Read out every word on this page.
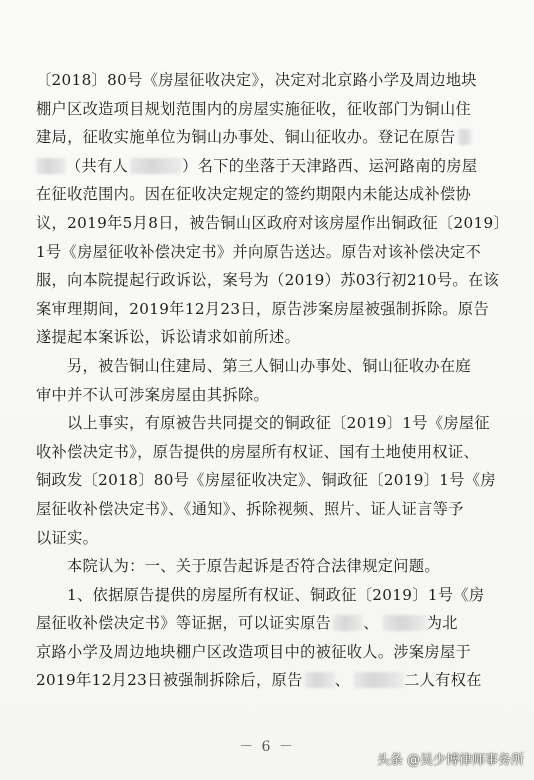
〔2018〕80号《房屋征收决定》，决定对北京路小学及周边地块
棚户区改造项目规划范围内的房屋实施征收，征收部门为铜山住
建局，征收实施单位为铜山办事处、铜山征收办。登记在原告
（共有人	）名下的坐落于天津路西、运河路南的房屋
在征收范围内。因在征收决定规定的签约期限内未能达成补偿协
议，2019年5月8日，被告铜山区政府对该房屋作出铜政征〔2019〕
1号《房屋征收补偿决定书》并向原告送达。原告对该补偿决定不
服，向本院提起行政诉讼，案号为（2019）苏03行初210号。在该
案审理期间，2019年12月23日，原告涉案房屋被强制拆除。原告
遂提起本案诉讼，诉讼请求如前所述。
另，被告铜山住建局、第三人铜山办事处、铜山征收办在庭
审中并不认可涉案房屋由其拆除。
以上事实，有原被告共同提交的铜政征〔2019〕1号《房屋征
收补偿决定书》，原告提供的房屋所有权证、国有土地使用权证、
铜政发〔2018〕80号《房屋征收决定》、铜政征〔2019〕1号《房
屋征收补偿决定书》、《通知》、拆除视频、照片、证人证言等予
以证实。
本院认为：一、关于原告起诉是否符合法律规定问题。
1、依据原告提供的房屋所有权证、铜政征〔2019〕1号《房
屋征收补偿决定书》等证据，可以证实原告 、	为北
京路小学及周边地块棚户区改造项目中的被征收人。涉案房屋于
2019年12月23日被强制拆除后，原告 、	二人有权在
－ 6 －
头条 @吴少博律师事务所
